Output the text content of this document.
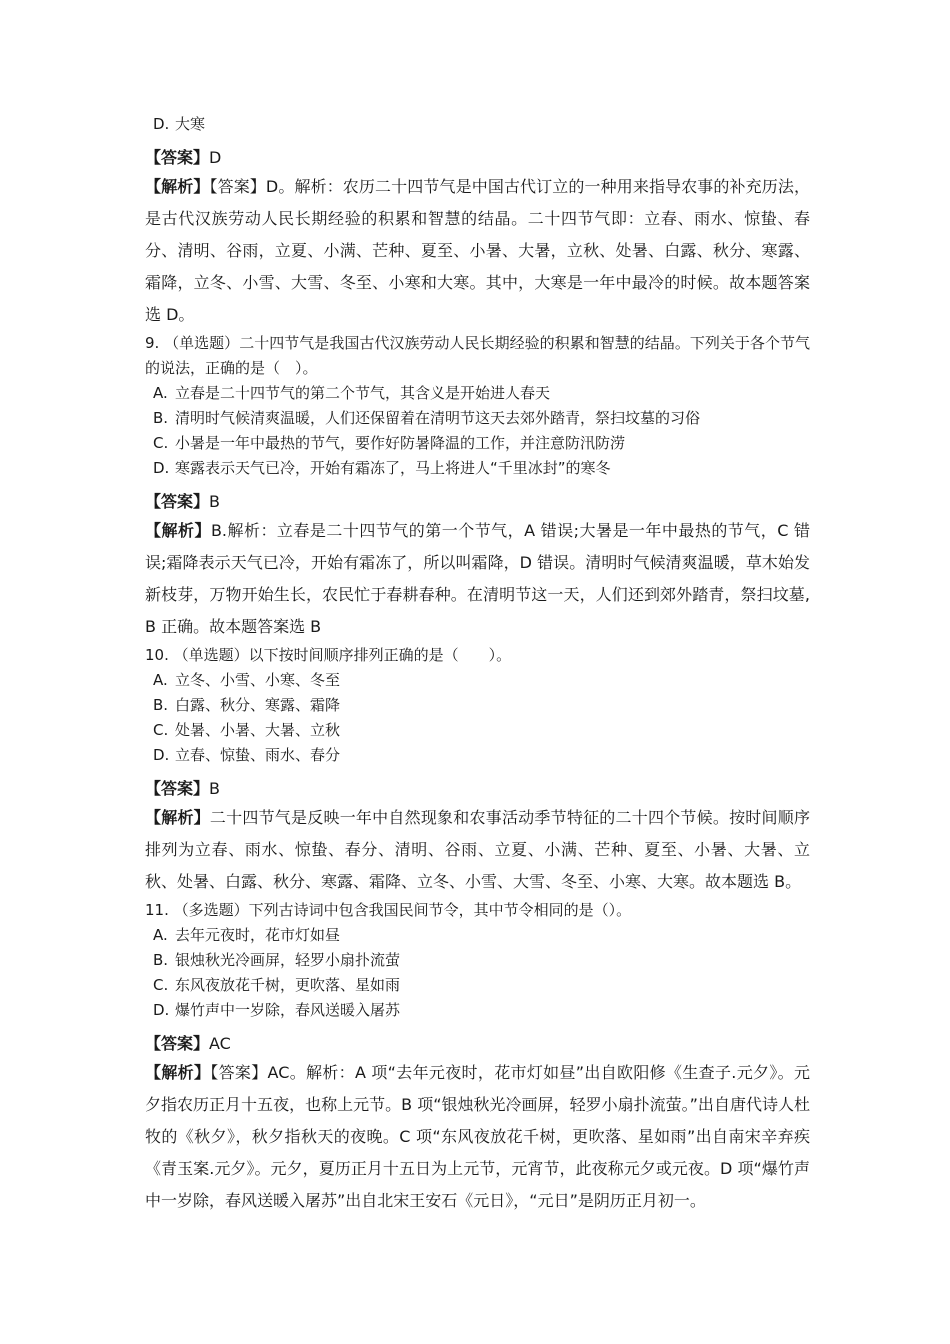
D. 大寒

【答案】D

【解析】【答案】D。解析：农历二十四节气是中国古代订立的一种用来指导农事的补充历法，是古代汉族劳动人民长期经验的积累和智慧的结晶。二十四节气即：立春、雨水、惊蛰、春分、清明、谷雨，立夏、小满、芒种、夏至、小暑、大暑，立秋、处暑、白露、秋分、寒露、霜降，立冬、小雪、大雪、冬至、小寒和大寒。其中，大寒是一年中最冷的时候。故本题答案选 D。

9. （单选题）二十四节气是我国古代汉族劳动人民长期经验的积累和智慧的结晶。下列关于各个节气的说法，正确的是（　）。

A. 立春是二十四节气的第二个节气，其含义是开始进人春天
B. 清明时气候清爽温暖，人们还保留着在清明节这天去郊外踏青，祭扫坟墓的习俗
C. 小暑是一年中最热的节气，要作好防暑降温的工作，并注意防汛防涝
D. 寒露表示天气已冷，开始有霜冻了，马上将进人“千里冰封”的寒冬

【答案】B

【解析】B.解析：立春是二十四节气的第一个节气，A 错误;大暑是一年中最热的节气，C 错误;霜降表示天气已冷，开始有霜冻了，所以叫霜降，D 错误。清明时气候清爽温暖，草木始发新枝芽，万物开始生长，农民忙于春耕春种。在清明节这一天，人们还到郊外踏青，祭扫坟墓,B 正确。故本题答案选 B

10. （单选题）以下按时间顺序排列正确的是（　　）。

A. 立冬、小雪、小寒、冬至
B. 白露、秋分、寒露、霜降
C. 处暑、小暑、大暑、立秋
D. 立春、惊蛰、雨水、春分

【答案】B

【解析】二十四节气是反映一年中自然现象和农事活动季节特征的二十四个节候。按时间顺序排列为立春、雨水、惊蛰、春分、清明、谷雨、立夏、小满、芒种、夏至、小暑、大暑、立秋、处暑、白露、秋分、寒露、霜降、立冬、小雪、大雪、冬至、小寒、大寒。故本题选 B。

11. （多选题）下列古诗词中包含我国民间节令，其中节令相同的是（）。

A. 去年元夜时，花市灯如昼
B. 银烛秋光冷画屏，轻罗小扇扑流萤
C. 东风夜放花千树，更吹落、星如雨
D. 爆竹声中一岁除，春风送暖入屠苏

【答案】AC

【解析】【答案】AC。解析：A 项“去年元夜时，花市灯如昼”出自欧阳修《生查子.元夕》。元夕指农历正月十五夜，也称上元节。B 项“银烛秋光冷画屏，轻罗小扇扑流萤。”出自唐代诗人杜牧的《秋夕》，秋夕指秋天的夜晚。C 项“东风夜放花千树，更吹落、星如雨”出自南宋辛弃疾《青玉案.元夕》。元夕，夏历正月十五日为上元节，元宵节，此夜称元夕或元夜。D 项“爆竹声中一岁除，春风送暖入屠苏”出自北宋王安石《元日》，“元日”是阴历正月初一。
